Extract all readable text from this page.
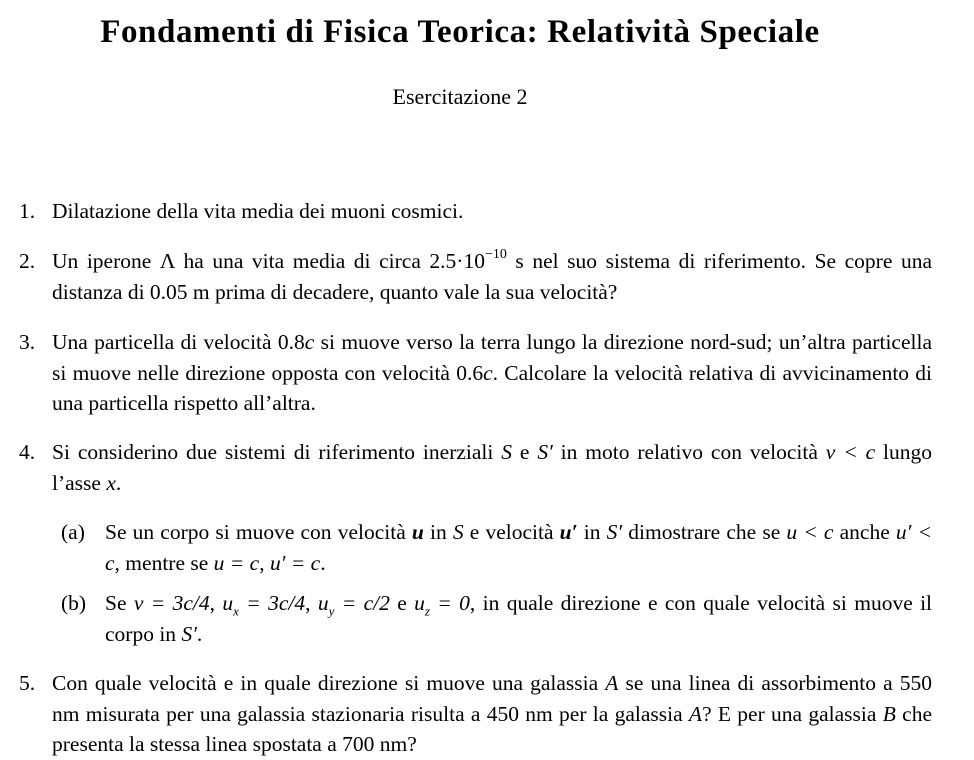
Fondamenti di Fisica Teorica: Relatività Speciale
Esercitazione 2
1. Dilatazione della vita media dei muoni cosmici.
2. Un iperone Λ ha una vita media di circa $2.5\cdot 10^{-10}$ s nel suo sistema di riferimento. Se copre una distanza di 0.05 m prima di decadere, quanto vale la sua velocità?
3. Una particella di velocità 0.8c si muove verso la terra lungo la direzione nord-sud; un’altra particella si muove nelle direzione opposta con velocità 0.6c. Calcolare la velocità relativa di avvicinamento di una particella rispetto all’altra.
4. Si considerino due sistemi di riferimento inerziali S e S′ in moto relativo con velocità v < c lungo l’asse x.
(a) Se un corpo si muove con velocità u in S e velocità u′ in S′ dimostrare che se u < c anche u′ < c, mentre se u = c, u′ = c.
(b) Se v = 3c/4, $u_x = 3c/4$, $u_y = c/2$ e $u_z = 0$, in quale direzione e con quale velocità si muove il corpo in S′.
5. Con quale velocità e in quale direzione si muove una galassia A se una linea di assorbimento a 550 nm misurata per una galassia stazionaria risulta a 450 nm per la galassia A? E per una galassia B che presenta la stessa linea spostata a 700 nm?
